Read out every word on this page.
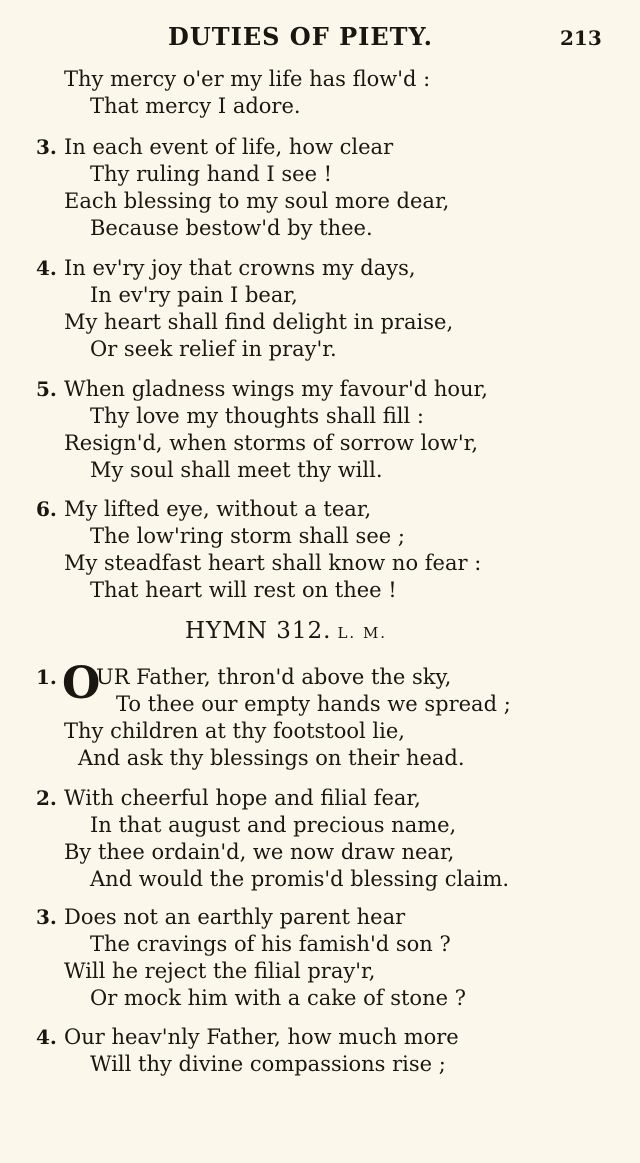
DUTIES OF PIETY.	213
Thy mercy o'er my life has flow'd :
That mercy I adore.
3. In each event of life, how clear
Thy ruling hand I see !
Each blessing to my soul more dear,
Because bestow'd by thee.
4. In ev'ry joy that crowns my days,
In ev'ry pain I bear,
My heart shall find delight in praise,
Or seek relief in pray'r.
5. When gladness wings my favour'd hour,
Thy love my thoughts shall fill :
Resign'd, when storms of sorrow low'r,
My soul shall meet thy will.
6. My lifted eye, without a tear,
The low'ring storm shall see ;
My steadfast heart shall know no fear :
That heart will rest on thee !
HYMN 312. L. M.
1. O
UR Father, thron'd above the sky,
To thee our empty hands we spread ;
Thy children at thy footstool lie,
And ask thy blessings on their head.
2. With cheerful hope and filial fear,
In that august and precious name,
By thee ordain'd, we now draw near,
And would the promis'd blessing claim.
3. Does not an earthly parent hear
The cravings of his famish'd son ?
Will he reject the filial pray'r,
Or mock him with a cake of stone ?
4. Our heav'nly Father, how much more
Will thy divine compassions rise ;
